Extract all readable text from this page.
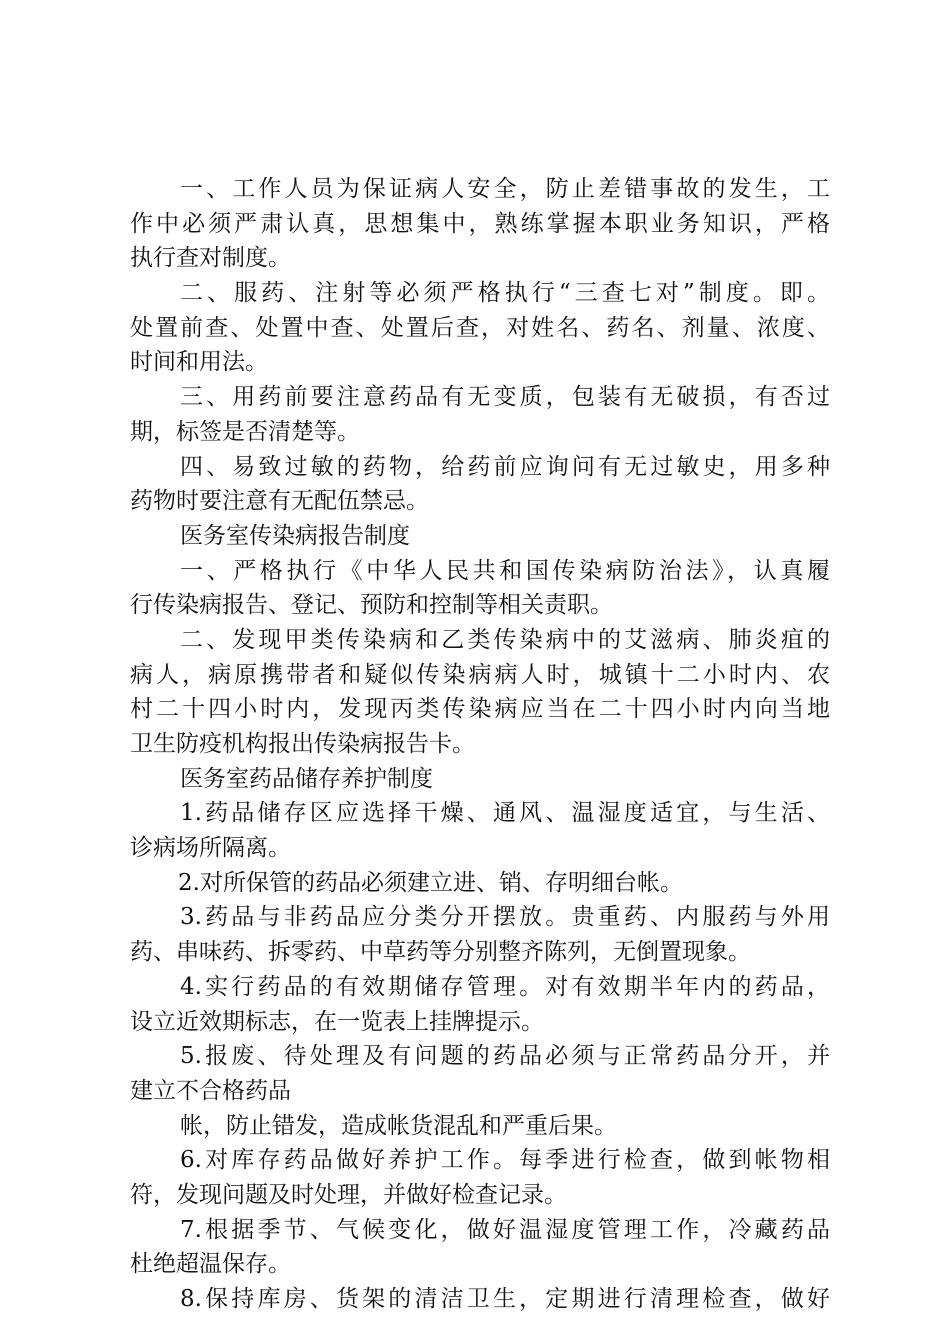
一、工作人员为保证病人安全，防止差错事故的发生，工
作中必须严肃认真，思想集中，熟练掌握本职业务知识，严格
执行查对制度。
二、服药、注射等必须严格执行“三查七对”制度。即。
处置前查、处置中查、处置后查，对姓名、药名、剂量、浓度、
时间和用法。
三、用药前要注意药品有无变质，包装有无破损，有否过
期，标签是否清楚等。
四、易致过敏的药物，给药前应询问有无过敏史，用多种
药物时要注意有无配伍禁忌。
医务室传染病报告制度
一、严格执行《中华人民共和国传染病防治法》，认真履
行传染病报告、登记、预防和控制等相关责职。
二、发现甲类传染病和乙类传染病中的艾滋病、肺炎疽的
病人，病原携带者和疑似传染病病人时，城镇十二小时内、农
村二十四小时内，发现丙类传染病应当在二十四小时内向当地
卫生防疫机构报出传染病报告卡。
医务室药品储存养护制度
1.药品储存区应选择干燥、通风、温湿度适宜，与生活、
诊病场所隔离。
2.对所保管的药品必须建立进、销、存明细台帐。
3.药品与非药品应分类分开摆放。贵重药、内服药与外用
药、串味药、拆零药、中草药等分别整齐陈列，无倒置现象。
4.实行药品的有效期储存管理。对有效期半年内的药品，
设立近效期标志，在一览表上挂牌提示。
5.报废、待处理及有问题的药品必须与正常药品分开，并
建立不合格药品
帐，防止错发，造成帐货混乱和严重后果。
6.对库存药品做好养护工作。每季进行检查，做到帐物相
符，发现问题及时处理，并做好检查记录。
7.根据季节、气候变化，做好温湿度管理工作，冷藏药品
杜绝超温保存。
8.保持库房、货架的清洁卫生，定期进行清理检查，做好
